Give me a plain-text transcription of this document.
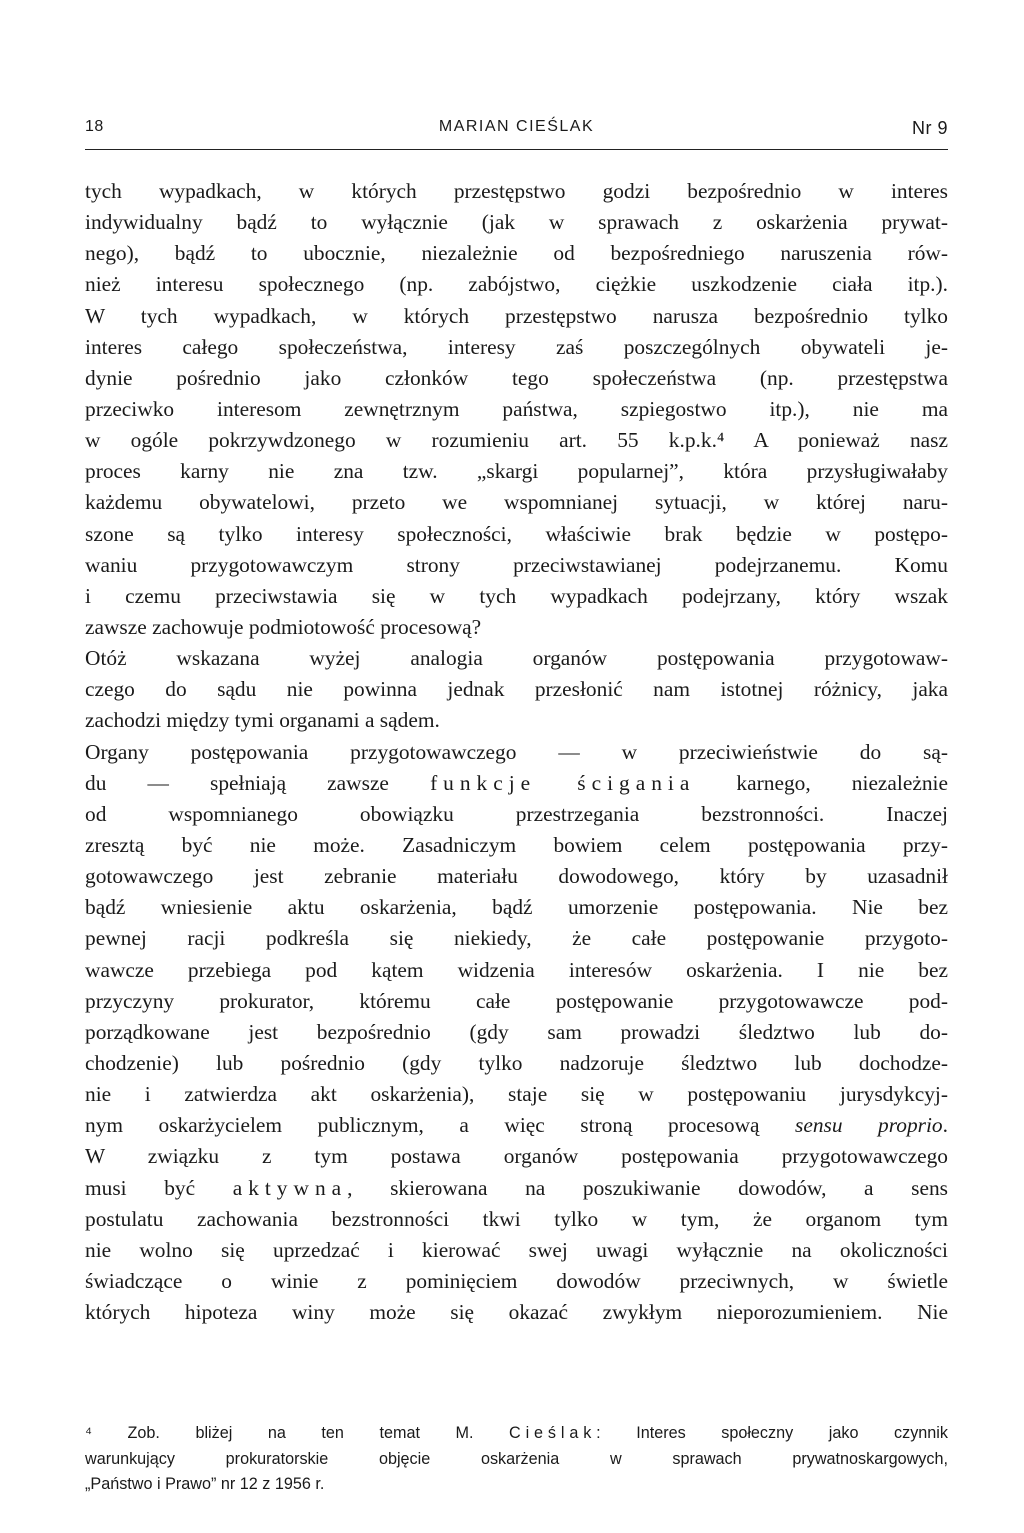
18	MARIAN CIEŚLAK	Nr 9
tych wypadkach, w których przestępstwo godzi bezpośrednio w interes
indywidualny bądź to wyłącznie (jak w sprawach z oskarżenia prywat-
nego), bądź to ubocznie, niezależnie od bezpośredniego naruszenia rów-
nież interesu społecznego (np. zabójstwo, ciężkie uszkodzenie ciała itp.).
W tych wypadkach, w których przestępstwo narusza bezpośrednio tylko
interes całego społeczeństwa, interesy zaś poszczególnych obywateli je-
dynie pośrednio jako członków tego społeczeństwa (np. przestępstwa
przeciwko interesom zewnętrznym państwa, szpiegostwo itp.), nie ma
w ogóle pokrzywdzonego w rozumieniu art. 55 k.p.k.⁴ A ponieważ nasz
proces karny nie zna tzw. „skargi popularnej”, która przysługiwałaby
każdemu obywatelowi, przeto we wspomnianej sytuacji, w której naru-
szone są tylko interesy społeczności, właściwie brak będzie w postępo-
waniu przygotowawczym strony przeciwstawianej podejrzanemu. Komu
i czemu przeciwstawia się w tych wypadkach podejrzany, który wszak
zawsze zachowuje podmiotowość procesową?
Otóż wskazana wyżej analogia organów postępowania przygotowaw-
czego do sądu nie powinna jednak przesłonić nam istotnej różnicy, jaka
zachodzi między tymi organami a sądem.
Organy postępowania przygotowawczego — w przeciwieństwie do są-
du — spełniają zawsze funkcje ścigania karnego, niezależnie
od wspomnianego obowiązku przestrzegania bezstronności. Inaczej
zresztą być nie może. Zasadniczym bowiem celem postępowania przy-
gotowawczego jest zebranie materiału dowodowego, który by uzasadnił
bądź wniesienie aktu oskarżenia, bądź umorzenie postępowania. Nie bez
pewnej racji podkreśla się niekiedy, że całe postępowanie przygoto-
wawcze przebiega pod kątem widzenia interesów oskarżenia. I nie bez
przyczyny prokurator, któremu całe postępowanie przygotowawcze pod-
porządkowane jest bezpośrednio (gdy sam prowadzi śledztwo lub do-
chodzenie) lub pośrednio (gdy tylko nadzoruje śledztwo lub dochodze-
nie i zatwierdza akt oskarżenia), staje się w postępowaniu jurysdykcyj-
nym oskarżycielem publicznym, a więc stroną procesową sensu proprio.
W związku z tym postawa organów postępowania przygotowawczego
musi być aktywna, skierowana na poszukiwanie dowodów, a sens
postulatu zachowania bezstronności tkwi tylko w tym, że organom tym
nie wolno się uprzedzać i kierować swej uwagi wyłącznie na okoliczności
świadczące o winie z pominięciem dowodów przeciwnych, w świetle
których hipoteza winy może się okazać zwykłym nieporozumieniem. Nie
⁴ Zob. bliżej na ten temat M. Cieślak: Interes społeczny jako czynnik
warunkujący prokuratorskie objęcie oskarżenia w sprawach prywatnoskargowych,
„Państwo i Prawo” nr 12 z 1956 r.
